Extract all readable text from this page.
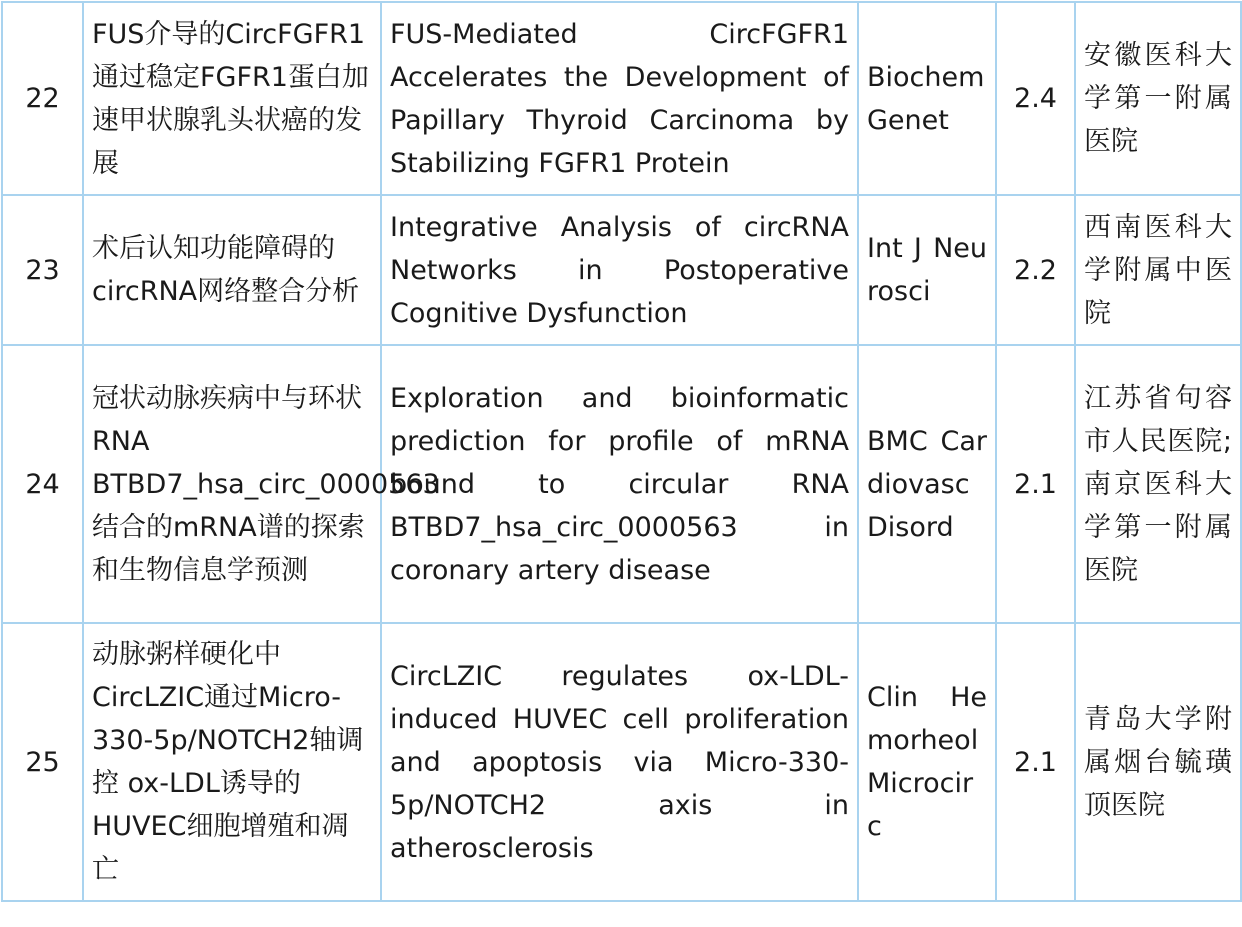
22	FUS介导的CircFGFR1通过稳定FGFR1蛋白加速甲状腺乳头状癌的发展	FUS-Mediated CircFGFR1 Accelerates the Development of Papillary Thyroid Carcinoma by Stabilizing FGFR1 Protein	Biochem Genet	2.4	安徽医科大学第一附属医院
23	术后认知功能障碍的circRNA网络整合分析	Integrative Analysis of circRNA Networks in Postoperative Cognitive Dysfunction	Int J Neurosci	2.2	西南医科大学附属中医院
24	冠状动脉疾病中与环状RNA BTBD7_hsa_circ_0000563结合的mRNA谱的探索和生物信息学预测	Exploration and bioinformatic prediction for profile of mRNA bound to circular RNA BTBD7_hsa_circ_0000563 in coronary artery disease	BMC Cardiovasc Disord	2.1	江苏省句容市人民医院; 南京医科大学第一附属医院
25	动脉粥样硬化中CircLZIC通过Micro-330-5p/NOTCH2轴调控 ox-LDL诱导的HUVEC细胞增殖和凋亡	CircLZIC regulates ox-LDL-induced HUVEC cell proliferation and apoptosis via Micro-330-5p/NOTCH2 axis in atherosclerosis	Clin Hemorheol Microcirc	2.1	青岛大学附属烟台毓璜顶医院
